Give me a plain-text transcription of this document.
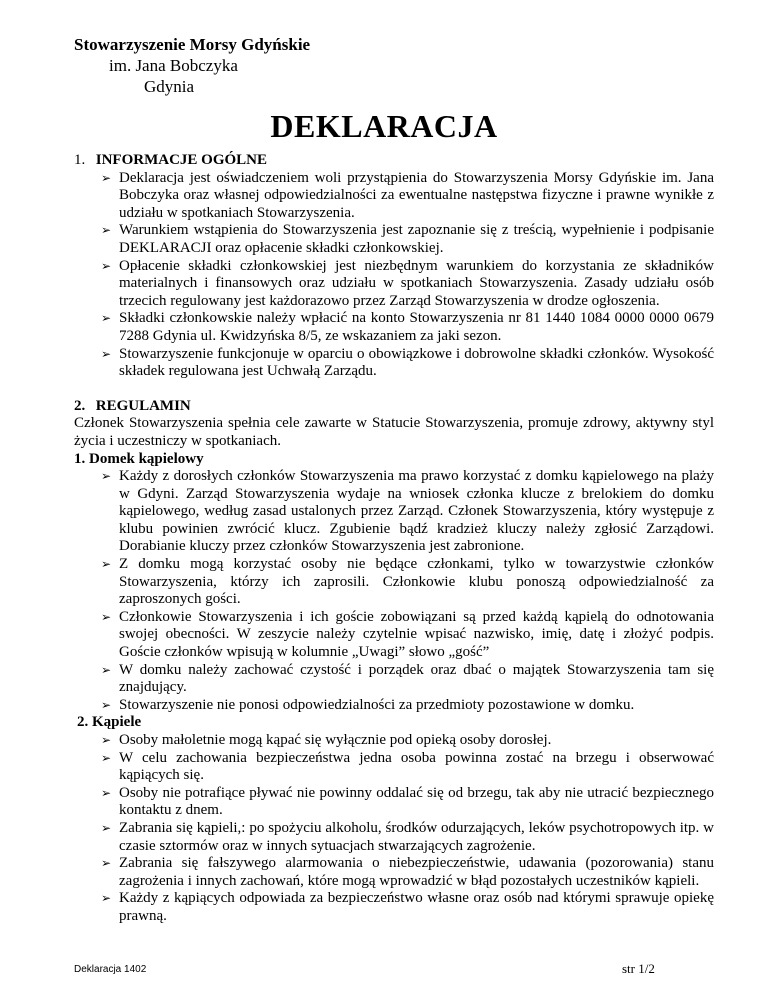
Stowarzyszenie Morsy Gdyńskie
im. Jana Bobczyka
Gdynia
DEKLARACJA
1. INFORMACJE OGÓLNE
➢ Deklaracja jest oświadczeniem woli przystąpienia do Stowarzyszenia Morsy Gdyńskie im. Jana Bobczyka oraz własnej odpowiedzialności za ewentualne następstwa fizyczne i prawne wynikłe z udziału w spotkaniach Stowarzyszenia.
➢ Warunkiem wstąpienia do Stowarzyszenia jest zapoznanie się z treścią, wypełnienie i podpisanie DEKLARACJI oraz opłacenie składki członkowskiej.
➢ Opłacenie składki członkowskiej jest niezbędnym warunkiem do korzystania ze składników materialnych i finansowych oraz udziału w spotkaniach Stowarzyszenia. Zasady udziału osób trzecich regulowany jest każdorazowo przez Zarząd Stowarzyszenia w drodze ogłoszenia.
➢ Składki członkowskie należy wpłacić na konto Stowarzyszenia nr 81 1440 1084 0000 0000 0679 7288 Gdynia ul. Kwidzyńska 8/5, ze wskazaniem za jaki sezon.
➢ Stowarzyszenie funkcjonuje w oparciu o obowiązkowe i dobrowolne składki członków. Wysokość składek regulowana jest Uchwałą Zarządu.
2. REGULAMIN
Członek Stowarzyszenia spełnia cele zawarte w Statucie Stowarzyszenia, promuje zdrowy, aktywny styl życia i uczestniczy w spotkaniach.
1. Domek kąpielowy
➢ Każdy z dorosłych członków Stowarzyszenia ma prawo korzystać z domku kąpielowego na plaży w Gdyni. Zarząd Stowarzyszenia wydaje na wniosek członka klucze z brelokiem do domku kąpielowego, według zasad ustalonych przez Zarząd. Członek Stowarzyszenia, który występuje z klubu powinien zwrócić klucz. Zgubienie bądź kradzież kluczy należy zgłosić Zarządowi. Dorabianie kluczy przez członków Stowarzyszenia jest zabronione.
➢ Z domku mogą korzystać osoby nie będące członkami, tylko w towarzystwie członków Stowarzyszenia, którzy ich zaprosili. Członkowie klubu ponoszą odpowiedzialność za zaproszonych gości.
➢ Członkowie Stowarzyszenia i ich goście zobowiązani są przed każdą kąpielą do odnotowania swojej obecności. W zeszycie należy czytelnie wpisać nazwisko, imię, datę i złożyć podpis. Goście członków wpisują w kolumnie „Uwagi” słowo „gość”
➢ W domku należy zachować czystość i porządek oraz dbać o majątek Stowarzyszenia tam się znajdujący.
➢ Stowarzyszenie nie ponosi odpowiedzialności za przedmioty pozostawione w domku.
2. Kąpiele
➢ Osoby małoletnie mogą kąpać się wyłącznie pod opieką osoby dorosłej.
➢ W celu zachowania bezpieczeństwa jedna osoba powinna zostać na brzegu i obserwować kąpiących się.
➢ Osoby nie potrafiące pływać nie powinny oddalać się od brzegu, tak aby nie utracić bezpiecznego kontaktu z dnem.
➢ Zabrania się kąpieli,: po spożyciu alkoholu, środków odurzających, leków psychotropowych itp. w czasie sztormów oraz w innych sytuacjach stwarzających zagrożenie.
➢ Zabrania się fałszywego alarmowania o niebezpieczeństwie, udawania (pozorowania) stanu zagrożenia i innych zachowań, które mogą wprowadzić w błąd pozostałych uczestników kąpieli.
➢ Każdy z kąpiących odpowiada za bezpieczeństwo własne oraz osób nad którymi sprawuje opiekę prawną.
Deklaracja 1402	str 1/2
